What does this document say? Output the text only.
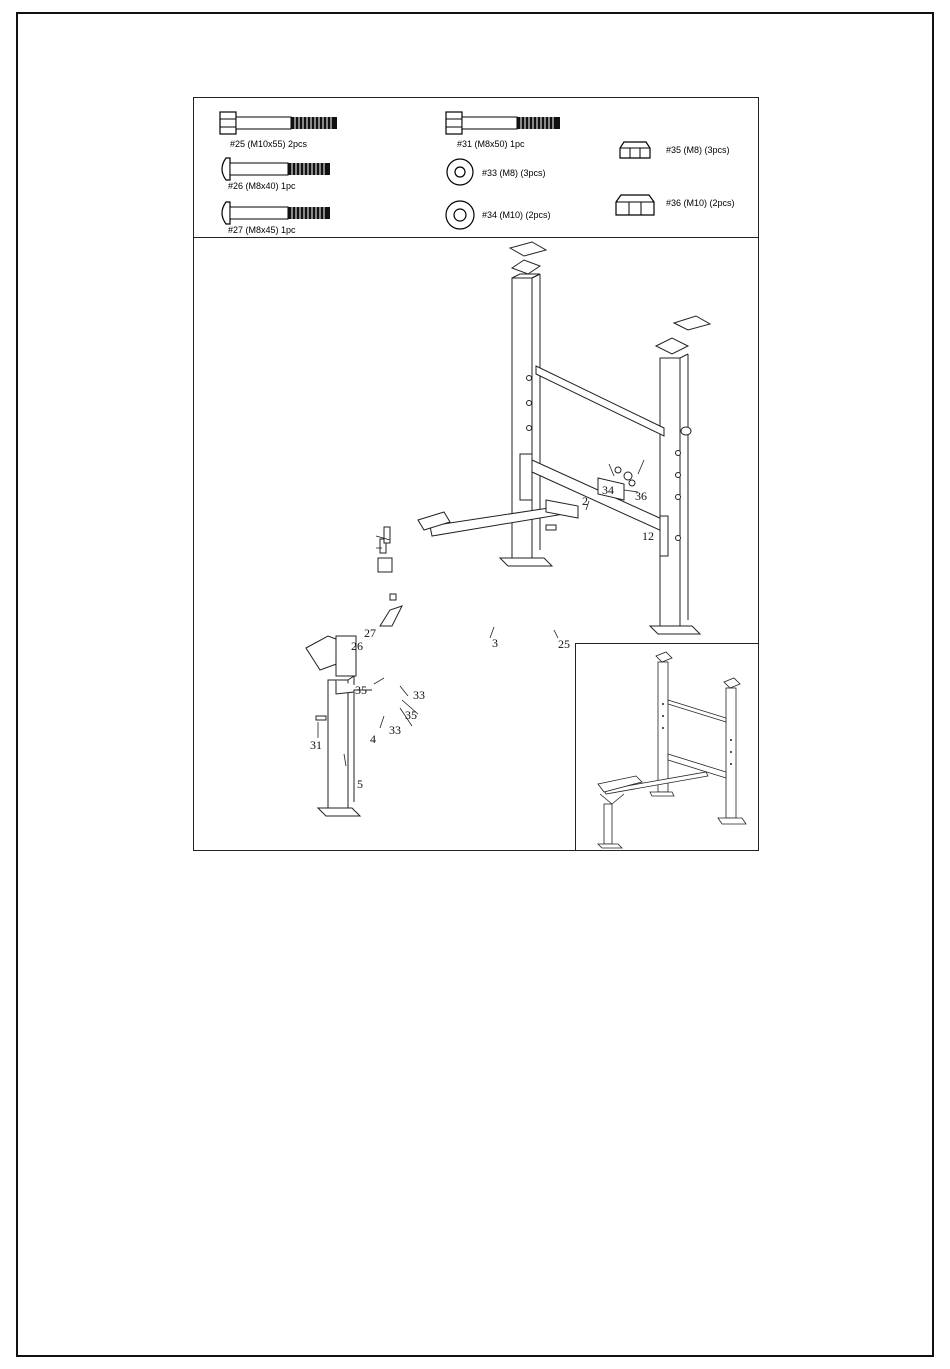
#25 (M10x55) 2pcs
#26 (M8x40) 1pc
#27 (M8x45) 1pc
#31 (M8x50) 1pc
#33 (M8) (3pcs)
#34 (M10) (2pcs)
#35 (M8) (3pcs)
#36 (M10) (2pcs)
2
34 36
12
3	25
27
26
35	33
35
33
4
31
5
